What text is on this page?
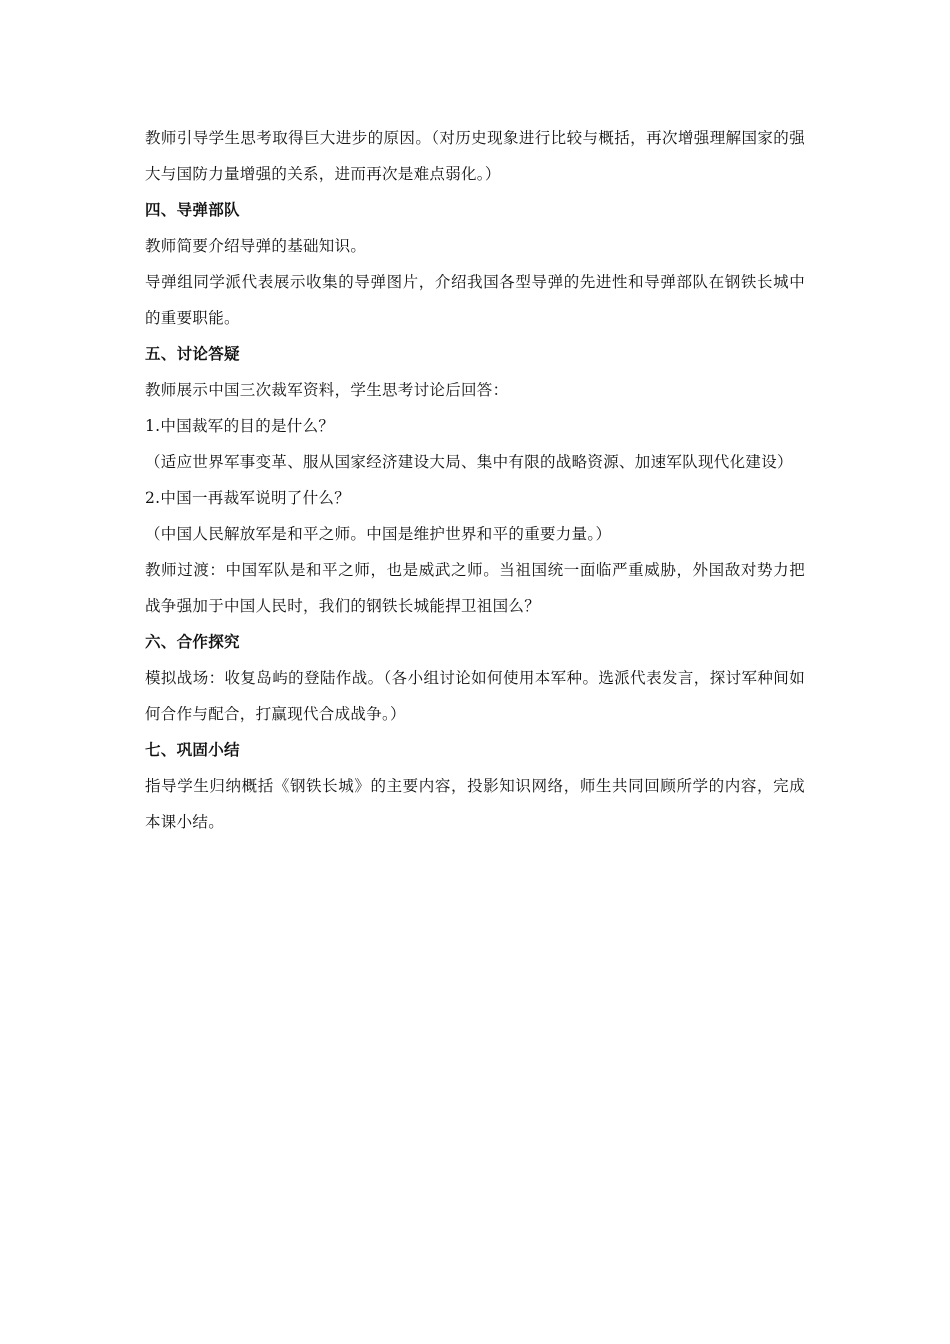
教师引导学生思考取得巨大进步的原因。（对历史现象进行比较与概括，再次增强理解国家的强大与国防力量增强的关系，进而再次是难点弱化。）

四、导弹部队

教师简要介绍导弹的基础知识。

导弹组同学派代表展示收集的导弹图片，介绍我国各型导弹的先进性和导弹部队在钢铁长城中的重要职能。

五、讨论答疑

教师展示中国三次裁军资料，学生思考讨论后回答：

1.中国裁军的目的是什么？

（适应世界军事变革、服从国家经济建设大局、集中有限的战略资源、加速军队现代化建设）

2.中国一再裁军说明了什么？

（中国人民解放军是和平之师。中国是维护世界和平的重要力量。）

教师过渡：中国军队是和平之师，也是威武之师。当祖国统一面临严重威胁，外国敌对势力把战争强加于中国人民时，我们的钢铁长城能捍卫祖国么？

六、合作探究

模拟战场：收复岛屿的登陆作战。（各小组讨论如何使用本军种。选派代表发言，探讨军种间如何合作与配合，打赢现代合成战争。）

七、巩固小结

指导学生归纳概括《钢铁长城》的主要内容，投影知识网络，师生共同回顾所学的内容，完成本课小结。
